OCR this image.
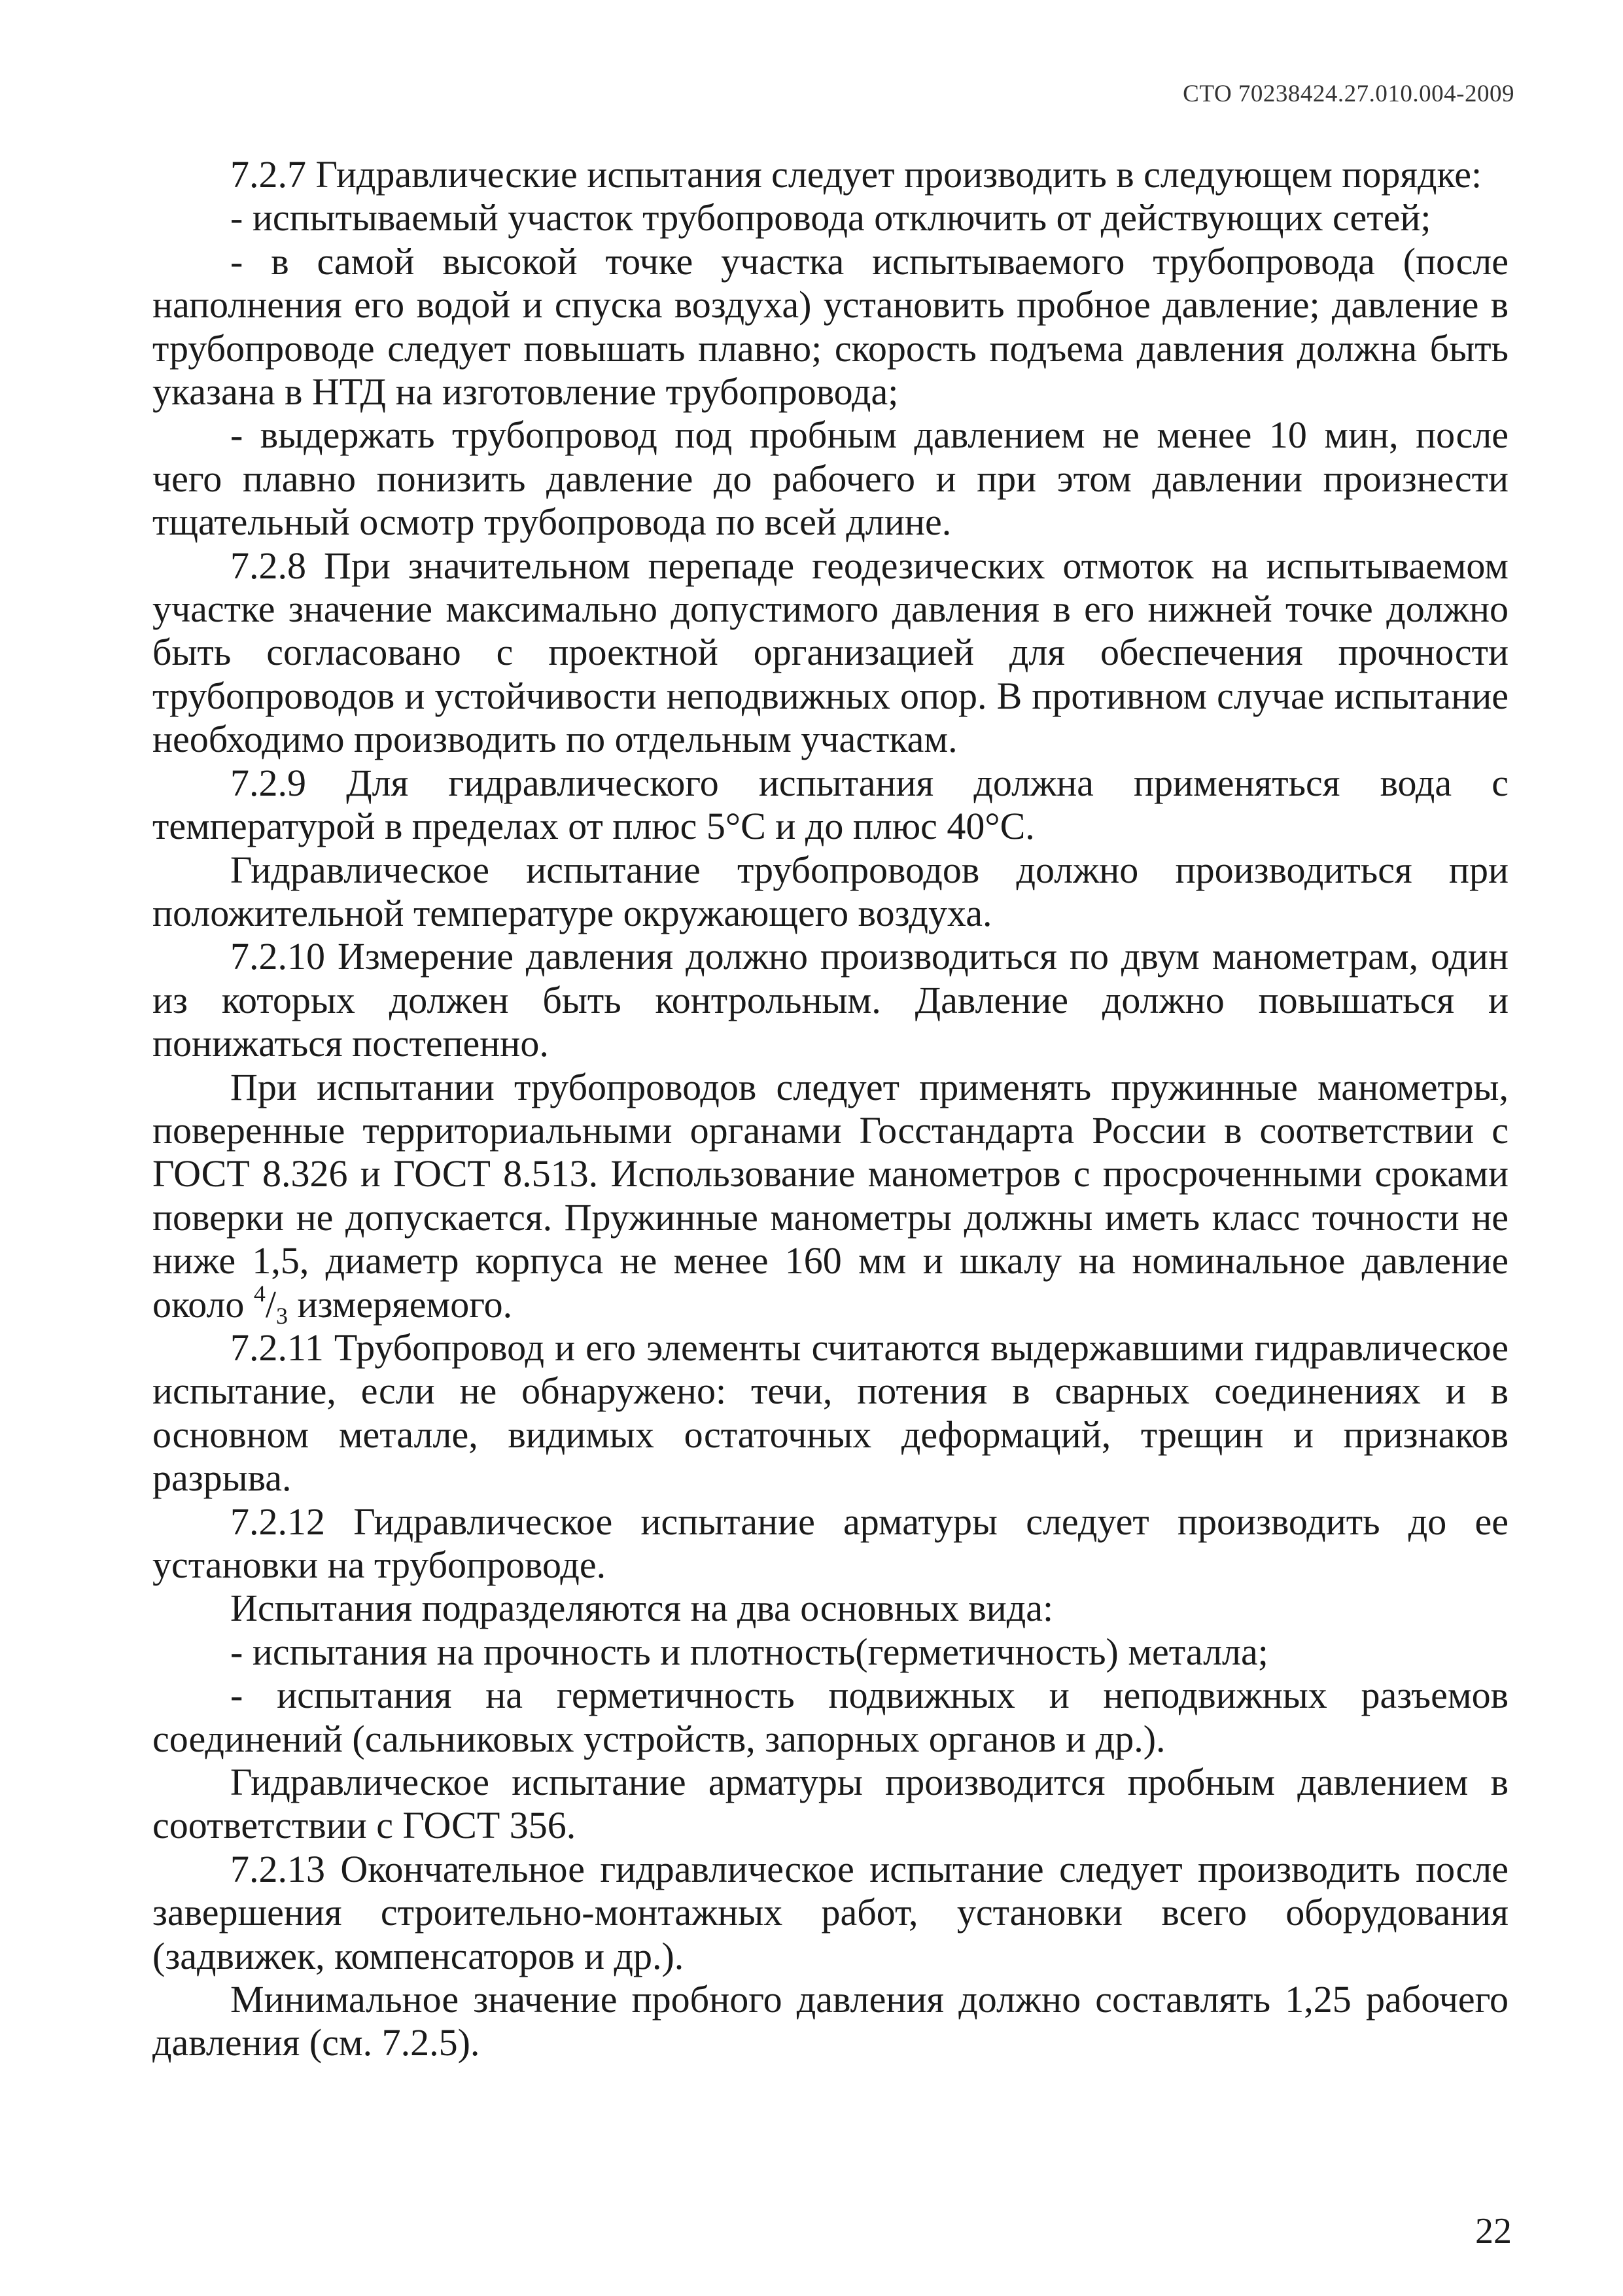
СТО 70238424.27.010.004-2009

7.2.7 Гидравлические испытания следует производить в следующем порядке:

- испытываемый участок трубопровода отключить от действующих сетей;

- в самой высокой точке участка испытываемого трубопровода (после наполнения его водой и спуска воздуха) установить пробное давление; давление в трубопроводе следует повышать плавно; скорость подъема давления должна быть указана в НТД на изготовление трубопровода;

- выдержать трубопровод под пробным давлением не менее 10 мин, после чего плавно понизить давление до рабочего и при этом давлении произнести тщательный осмотр трубопровода по всей длине.

7.2.8 При значительном перепаде геодезических отмоток на испытываемом участке значение максимально допустимого давления в его нижней точке должно быть согласовано с проектной организацией для обеспечения прочности трубопроводов и устойчивости неподвижных опор. В противном случае испытание необходимо производить по отдельным участкам.

7.2.9 Для гидравлического испытания должна применяться вода с температурой в пределах от плюс 5°С и до плюс 40°С.

Гидравлическое испытание трубопроводов должно производиться при положительной температуре окружающего воздуха.

7.2.10 Измерение давления должно производиться по двум манометрам, один из которых должен быть контрольным. Давление должно повышаться и понижаться постепенно.

При испытании трубопроводов следует применять пружинные манометры, поверенные территориальными органами Госстандарта России в соответствии с ГОСТ 8.326 и ГОСТ 8.513. Использование манометров с просроченными сроками поверки не допускается. Пружинные манометры должны иметь класс точности не ниже 1,5, диаметр корпуса не менее 160 мм и шкалу на номинальное давление около $^4/_3$ измеряемого.

7.2.11 Трубопровод и его элементы считаются выдержавшими гидравлическое испытание, если не обнаружено: течи, потения в сварных соединениях и в основном металле, видимых остаточных деформаций, трещин и признаков разрыва.

7.2.12 Гидравлическое испытание арматуры следует производить до ее установки на трубопроводе.

Испытания подразделяются на два основных вида:

- испытания на прочность и плотность(герметичность) металла;

- испытания на герметичность подвижных и неподвижных разъемов соединений (сальниковых устройств, запорных органов и др.).

Гидравлическое испытание арматуры производится пробным давлением в соответствии с ГОСТ 356.

7.2.13 Окончательное гидравлическое испытание следует производить после завершения строительно-монтажных работ, установки всего оборудования (задвижек, компенсаторов и др.).

Минимальное значение пробного давления должно составлять 1,25 рабочего давления (см. 7.2.5).

22
